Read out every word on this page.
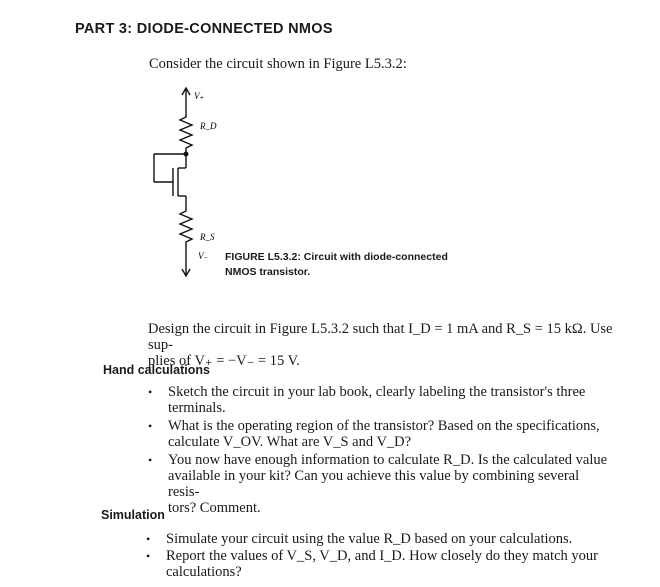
PART 3: DIODE-CONNECTED NMOS
Consider the circuit shown in Figure L5.3.2:
V₊
R_D
R_S
V₋ FIGURE L5.3.2: Circuit with diode-connected
NMOS transistor.
Design the circuit in Figure L5.3.2 such that I_D = 1 mA and R_S = 15 kΩ. Use sup-
plies of V₊ = −V₋ = 15 V.
Hand calculations
• Sketch the circuit in your lab book, clearly labeling the transistor's three
terminals.
• What is the operating region of the transistor? Based on the specifications,
calculate V_OV. What are V_S and V_D?
• You now have enough information to calculate R_D. Is the calculated value
available in your kit? Can you achieve this value by combining several resis-
tors? Comment.
Simulation
• Simulate your circuit using the value R_D based on your calculations.
• Report the values of V_S, V_D, and I_D. How closely do they match your
calculations?
